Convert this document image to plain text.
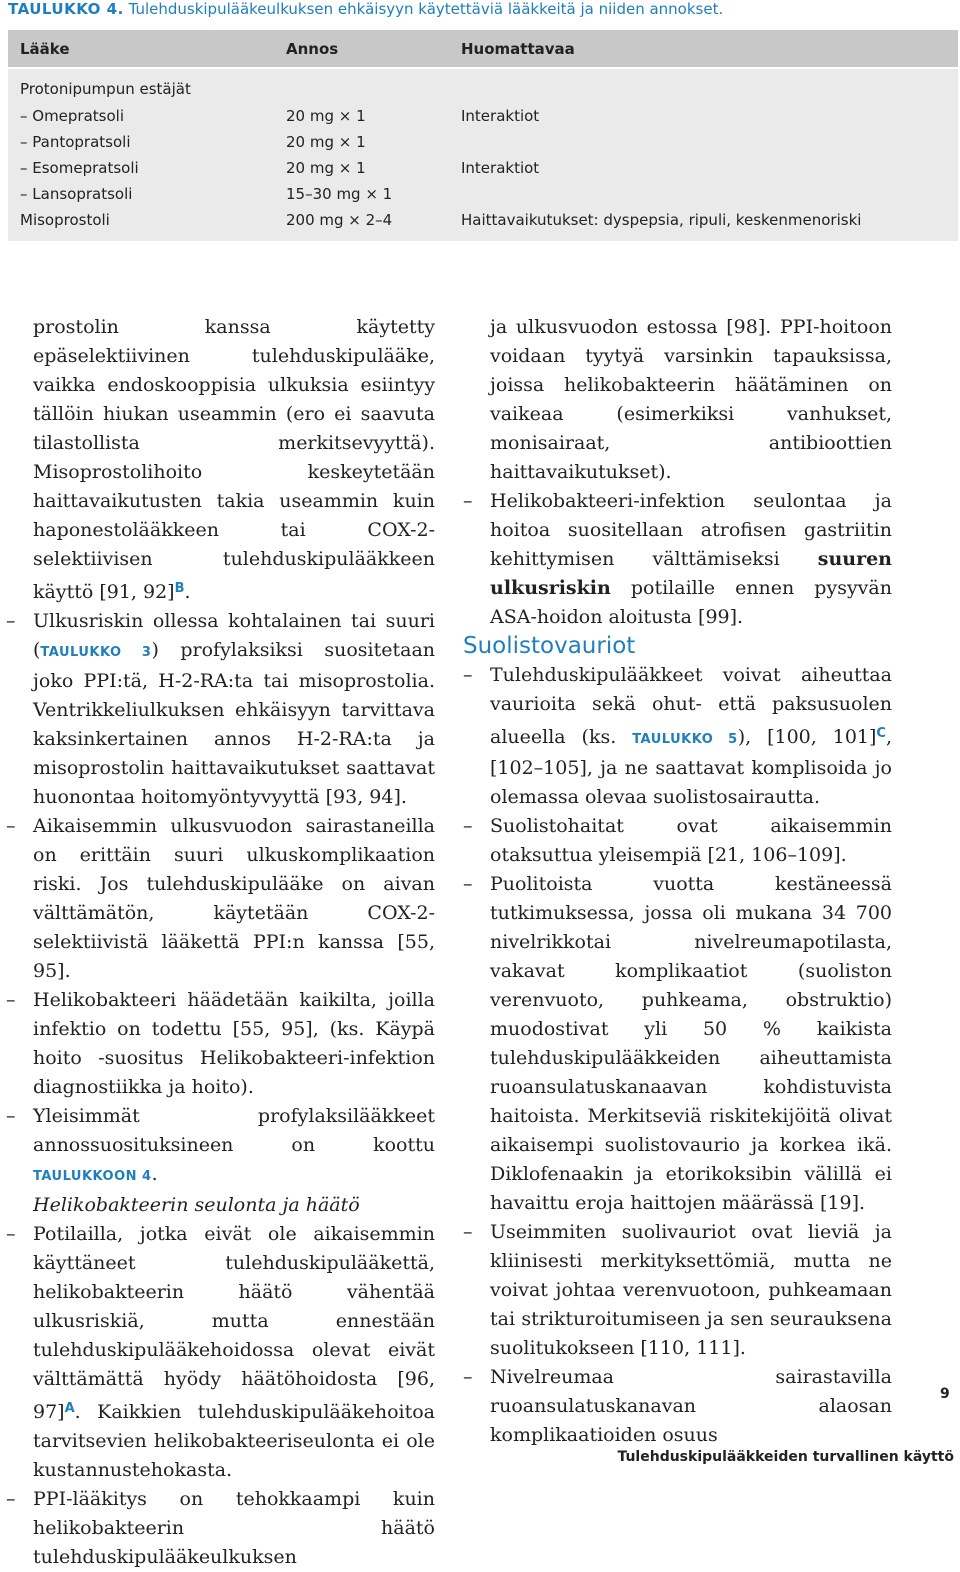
TAULUKKO 4. Tulehduskipulääkeulkuksen ehkäisyyn käytettäviä lääkkeitä ja niiden annokset.
Lääke	Annos	Huomattavaa
Protonipumpun estäjät
– Omepratsoli	20 mg × 1	Interaktiot
– Pantopratsoli	20 mg × 1
– Esomepratsoli	20 mg × 1	Interaktiot
– Lansopratsoli	15–30 mg × 1
Misoprostoli	200 mg × 2–4	Haittavaikutukset: dyspepsia, ripuli, keskenmenoriski
prostolin kanssa käytetty epäselektiivinen tulehduskipulääke, vaikka endoskooppisia ulkuksia esiintyy tällöin hiukan useammin (ero ei saavuta tilastollista merkitsevyyttä). Misoprostolihoito keskeytetään haittavaikutusten takia useammin kuin haponestolääkkeen tai COX-2-selektiivisen tulehduskipulääkkeen käyttö [91, 92]$^B$.
– Ulkusriskin ollessa kohtalainen tai suuri (TAULUKKO 3) profylaksiksi suositetaan joko PPI:tä, H-2-RA:ta tai misoprostolia. Ventrikkeliulkuksen ehkäisyyn tarvittava kaksinkertainen annos H-2-RA:ta ja misoprostolin haittavaikutukset saattavat huonontaa hoitomyöntyvyyttä [93, 94].
– Aikaisemmin ulkusvuodon sairastaneilla on erittäin suuri ulkuskomplikaation riski. Jos tulehduskipulääke on aivan välttämätön, käytetään COX-2-selektiivistä lääkettä PPI:n kanssa [55, 95].
– Helikobakteeri häädetään kaikilta, joilla infektio on todettu [55, 95], (ks. Käypä hoito -suositus Helikobakteeri-infektion diagnostiikka ja hoito).
– Yleisimmät profylaksilääkkeet annossuosituksineen on koottu TAULUKKOON 4.

Helikobakteerin seulonta ja häätö

– Potilailla, jotka eivät ole aikaisemmin käyttäneet tulehduskipulääkettä, helikobakteerin häätö vähentää ulkusriskiä, mutta ennestään tulehduskipulääkehoidossa olevat eivät välttämättä hyödy häätöhoidosta [96, 97]$^A$. Kaikkien tulehduskipulääkehoitoa tarvitsevien helikobakteeriseulonta ei ole kustannustehokasta.
– PPI-lääkitys on tehokkaampi kuin helikobakteerin häätö tulehduskipulääkeulkuksen
ja ulkusvuodon estossa [98]. PPI-hoitoon voidaan tyytyä varsinkin tapauksissa, joissa helikobakteerin häätäminen on vaikeaa (esimerkiksi vanhukset, monisairaat, antibioottien haittavaikutukset).
– Helikobakteeri-infektion seulontaa ja hoitoa suositellaan atrofisen gastriitin kehittymisen välttämiseksi suuren ulkusriskin potilaille ennen pysyvän ASA-hoidon aloitusta [99].

Suolistovauriot

– Tulehduskipulääkkeet voivat aiheuttaa vaurioita sekä ohut- että paksusuolen alueella (ks. TAULUKKO 5), [100, 101]$^C$, [102–105], ja ne saattavat komplisoida jo olemassa olevaa suolistosairautta.
– Suolistohaitat ovat aikaisemmin otaksuttua yleisempiä [21, 106–109].
– Puolitoista vuotta kestäneessä tutkimuksessa, jossa oli mukana 34 700 nivelrikkotai nivelreumapotilasta, vakavat komplikaatiot (suoliston verenvuoto, puhkeama, obstruktio) muodostivat yli 50 % kaikista tulehduskipulääkkeiden aiheuttamista ruoansulatuskanaavan kohdistuvista haitoista. Merkitseviä riskitekijöitä olivat aikaisempi suolistovaurio ja korkea ikä. Diklofenaakin ja etorikoksibin välillä ei havaittu eroja haittojen määrässä [19].
– Useimmiten suolivauriot ovat lieviä ja kliinisesti merkityksettömiä, mutta ne voivat johtaa verenvuotoon, puhkeamaan tai strikturoitumiseen ja sen seurauksena suolitukokseen [110, 111].
– Nivelreumaa sairastavilla ruoansulatuskanavan alaosan komplikaatioiden osuus
9
Tulehduskipulääkkeiden turvallinen käyttö
